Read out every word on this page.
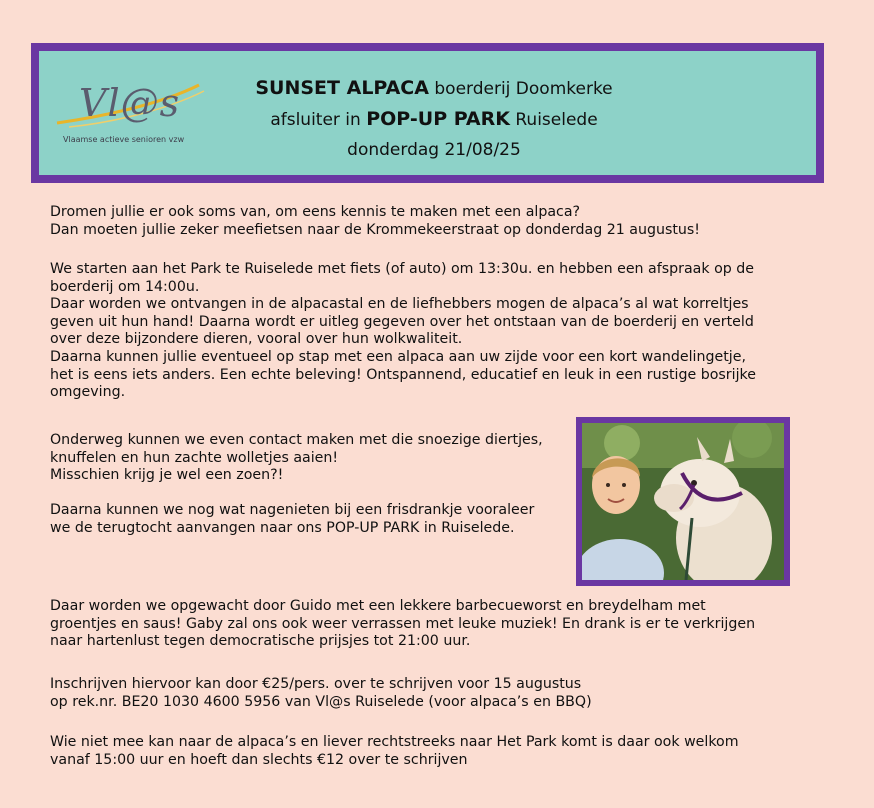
Vl@s
Vlaamse actieve senioren vzw
SUNSET ALPACA boerderij Doomkerke
afsluiter in POP-UP PARK Ruiselede
donderdag 21/08/25

Dromen jullie er ook soms van, om eens kennis te maken met een alpaca?
Dan moeten jullie zeker meefietsen naar de Krommekeerstraat op donderdag 21 augustus!

We starten aan het Park te Ruiselede met fiets (of auto) om 13:30u. en hebben een afspraak op de
boerderij om 14:00u.
Daar worden we ontvangen in de alpacastal en de liefhebbers mogen de alpaca’s al wat korreltjes
geven uit hun hand! Daarna wordt er uitleg gegeven over het ontstaan van de boerderij en verteld
over deze bijzondere dieren, vooral over hun wolkwaliteit.
Daarna kunnen jullie eventueel op stap met een alpaca aan uw zijde voor een kort wandelingetje,
het is eens iets anders. Een echte beleving! Ontspannend, educatief en leuk in een rustige bosrijke
omgeving.

Onderweg kunnen we even contact maken met die snoezige diertjes,
knuffelen en hun zachte wolletjes aaien!
Misschien krijg je wel een zoen?!

Daarna kunnen we nog wat nagenieten bij een frisdrankje vooraleer
we de terugtocht aanvangen naar ons POP-UP PARK in Ruiselede.

Daar worden we opgewacht door Guido met een lekkere barbecueworst en breydelham met
groentjes en saus! Gaby zal ons ook weer verrassen met leuke muziek! En drank is er te verkrijgen
naar hartenlust tegen democratische prijsjes tot 21:00 uur.

Inschrijven hiervoor kan door €25/pers. over te schrijven voor 15 augustus
op rek.nr. BE20 1030 4600 5956 van Vl@s Ruiselede (voor alpaca’s en BBQ)

Wie niet mee kan naar de alpaca’s en liever rechtstreeks naar Het Park komt is daar ook welkom
vanaf 15:00 uur en hoeft dan slechts €12 over te schrijven
